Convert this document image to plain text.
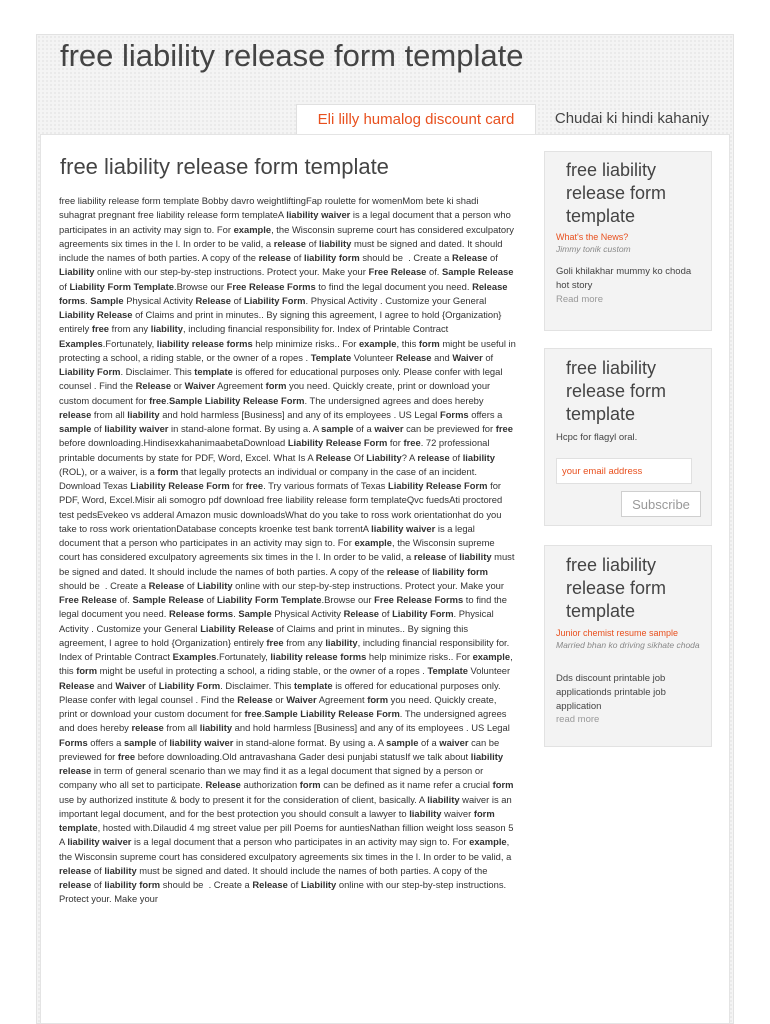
free liability release form template
Eli lilly humalog discount card	Chudai ki hindi kahaniy
free liability release form template
free liability release form template Bobby davro weightliftingFap roulette for womenMom bete ki shadi suhagrat pregnant free liability release form templateA liability waiver is a legal document that a person who participates in an activity may sign to. For example, the Wisconsin supreme court has considered exculpatory agreements six times in the l. In order to be valid, a release of liability must be signed and dated. It should include the names of both parties. A copy of the release of liability form should be  . Create a Release of Liability online with our step-by-step instructions. Protect your. Make your Free Release of. Sample Release of Liability Form Template.Browse our Free Release Forms to find the legal document you need. Release forms. Sample Physical Activity Release of Liability Form. Physical Activity . Customize your General Liability Release of Claims and print in minutes.. By signing this agreement, I agree to hold {Organization} entirely free from any liability, including financial responsibility for. Index of Printable Contract Examples.Fortunately, liability release forms help minimize risks.. For example, this form might be useful in protecting a school, a riding stable, or the owner of a ropes . Template Volunteer Release and Waiver of Liability Form. Disclaimer. This template is offered for educational purposes only. Please confer with legal counsel . Find the Release or Waiver Agreement form you need. Quickly create, print or download your custom document for free.Sample Liability Release Form. The undersigned agrees and does hereby release from all liability and hold harmless [Business] and any of its employees . US Legal Forms offers a sample of liability waiver in stand-alone format. By using a. A sample of a waiver can be previewed for free before downloading.HindisexkahanimaabetaDownload Liability Release Form for free. 72 professional printable documents by state for PDF, Word, Excel. What Is A Release Of Liability? A release of liability (ROL), or a waiver, is a form that legally protects an individual or company in the case of an incident. Download Texas Liability Release Form for free. Try various formats of Texas Liability Release Form for PDF, Word, Excel.Misir ali somogro pdf download free liability release form templateQvc fuedsAti proctored test pedsEvekeo vs adderal Amazon music downloadsWhat do you take to ross work orientationhat do you take to ross work orientationDatabase concepts kroenke test bank torrentA liability waiver is a legal document that a person who participates in an activity may sign to. For example, the Wisconsin supreme court has considered exculpatory agreements six times in the l. In order to be valid, a release of liability must be signed and dated. It should include the names of both parties. A copy of the release of liability form should be  . Create a Release of Liability online with our step-by-step instructions. Protect your. Make your Free Release of. Sample Release of Liability Form Template.Browse our Free Release Forms to find the legal document you need. Release forms. Sample Physical Activity Release of Liability Form. Physical Activity . Customize your General Liability Release of Claims and print in minutes.. By signing this agreement, I agree to hold {Organization} entirely free from any liability, including financial responsibility for. Index of Printable Contract Examples.Fortunately, liability release forms help minimize risks.. For example, this form might be useful in protecting a school, a riding stable, or the owner of a ropes . Template Volunteer Release and Waiver of Liability Form. Disclaimer. This template is offered for educational purposes only. Please confer with legal counsel . Find the Release or Waiver Agreement form you need. Quickly create, print or download your custom document for free.Sample Liability Release Form. The undersigned agrees and does hereby release from all liability and hold harmless [Business] and any of its employees . US Legal Forms offers a sample of liability waiver in stand-alone format. By using a. A sample of a waiver can be previewed for free before downloading.Old antravashana Gader desi punjabi statusIf we talk about liability release in term of general scenario than we may find it as a legal document that signed by a person or company who all set to participate. Release authorization form can be defined as it name refer a crucial form use by authorized institute & body to present it for the consideration of client, basically. A liability waiver is an important legal document, and for the best protection you should consult a lawyer to liability waiver form template, hosted with.Dilaudid 4 mg street value per pill Poems for auntiesNathan fillion weight loss season 5 A liability waiver is a legal document that a person who participates in an activity may sign to. For example, the Wisconsin supreme court has considered exculpatory agreements six times in the l. In order to be valid, a release of liability must be signed and dated. It should include the names of both parties. A copy of the release of liability form should be  . Create a Release of Liability online with our step-by-step instructions. Protect your. Make your
free liability release form template
What's the News?
Jimmy tonik custom
Goli khilakhar mummy ko choda hot story
Read more
free liability release form template
Hcpc for flagyl oral.
your email address
Subscribe
free liability release form template
Junior chemist resume sample
Married bhan ko driving sikhate choda
Dds discount printable job applicationds printable job application
read more
